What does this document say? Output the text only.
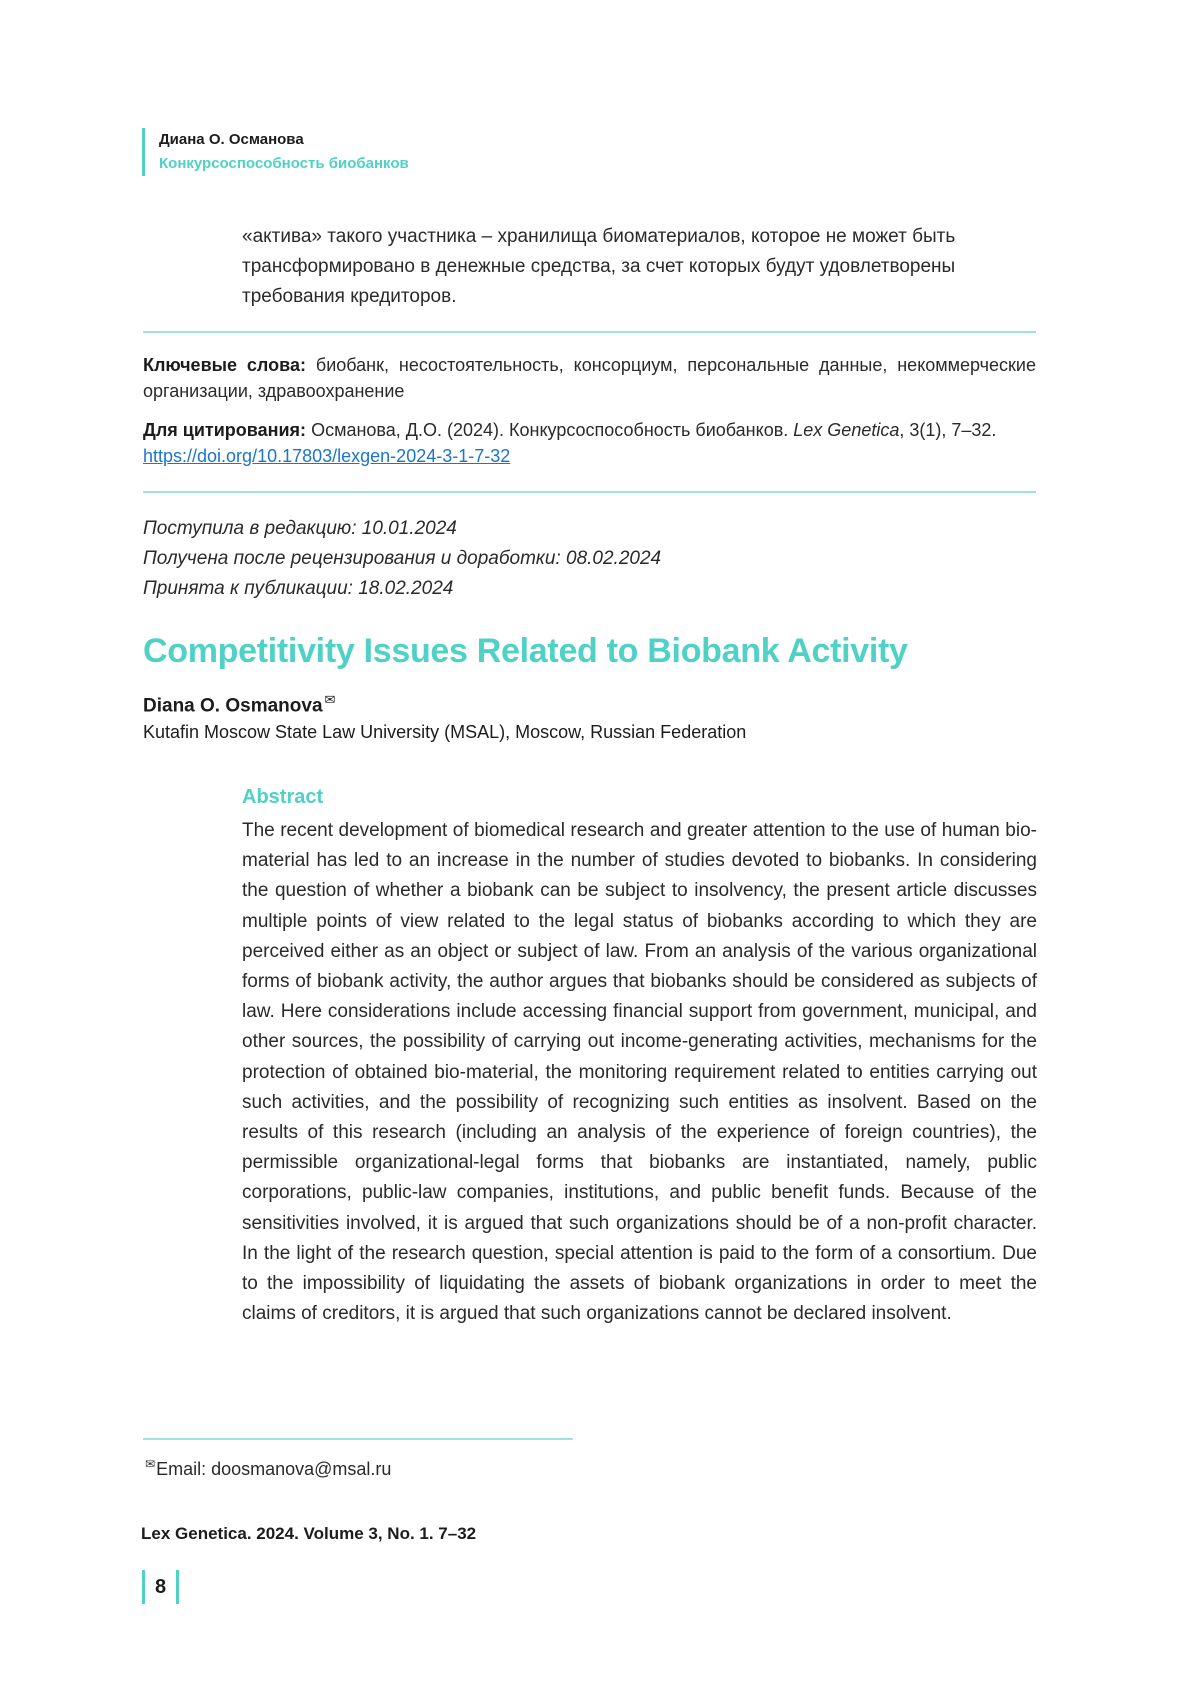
Диана О. Османова
Конкурсоспособность биобанков
«актива» такого участника – хранилища биоматериалов, которое не может быть трансформировано в денежные средства, за счет которых будут удовлетворены требования кредиторов.
Ключевые слова: биобанк, несостоятельность, консорциум, персональные данные, некоммерческие организации, здравоохранение
Для цитирования: Османова, Д.О. (2024). Конкурсоспособность биобанков. Lex Genetica, 3(1), 7–32.
https://doi.org/10.17803/lexgen-2024-3-1-7-32
Поступила в редакцию: 10.01.2024
Получена после рецензирования и доработки: 08.02.2024
Принята к публикации: 18.02.2024
Competitivity Issues Related to Biobank Activity
Diana O. Osmanova ✉
Kutafin Moscow State Law University (MSAL), Moscow, Russian Federation
Abstract
The recent development of biomedical research and greater attention to the use of human bio-material has led to an increase in the number of studies devoted to biobanks. In considering the question of whether a biobank can be subject to insolvency, the present article discusses multiple points of view related to the legal status of biobanks according to which they are perceived either as an object or subject of law. From an analysis of the various organizational forms of biobank activity, the author argues that biobanks should be considered as subjects of law. Here considerations include accessing financial support from government, municipal, and other sources, the possibility of carrying out income-generating activities, mechanisms for the protection of obtained bio-material, the monitoring requirement related to entities carrying out such activities, and the possibility of recognizing such entities as insolvent. Based on the results of this research (including an analysis of the experience of foreign countries), the permissible organizational-legal forms that biobanks are instantiated, namely, public corporations, public-law companies, institutions, and public benefit funds. Because of the sensitivities involved, it is argued that such organizations should be of a non-profit character. In the light of the research question, special attention is paid to the form of a consortium. Due to the impossibility of liquidating the assets of biobank organizations in order to meet the claims of creditors, it is argued that such organizations cannot be declared insolvent.
✉Email: doosmanova@msal.ru
Lex Genetica. 2024. Volume 3, No. 1. 7–32
8
